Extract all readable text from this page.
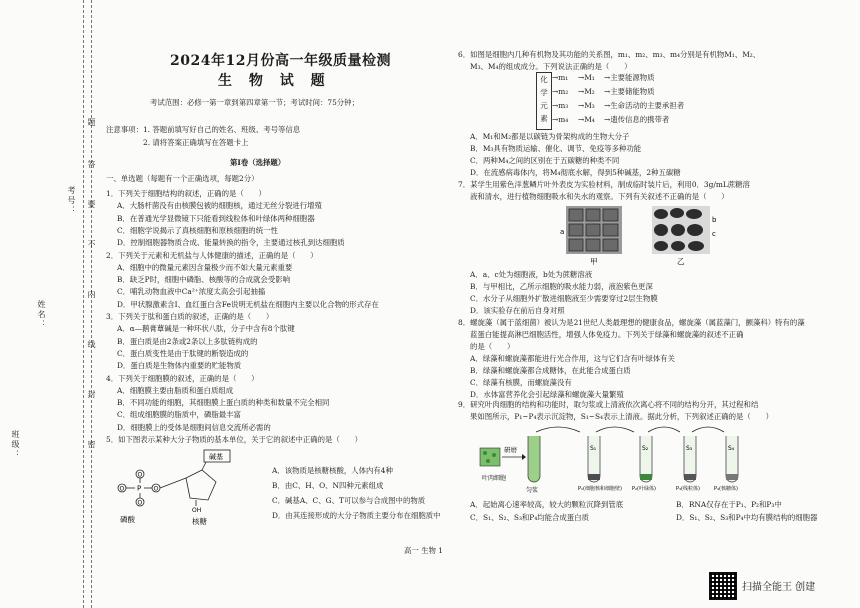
考号：
姓名：
班级：
题
答
要
不
内
线
封
密
2024年12月份高一年级质量检测
生 物 试 题
考试范围：必修一第一章到第四章第一节；考试时间：75分钟；
注意事项：1. 答题前填写好自己的姓名、班级、考号等信息
2. 请将答案正确填写在答题卡上
第Ⅰ卷（选择题）
一、单选题（每题有一个正确选项，每题2分）
1．下列关于细胞结构的叙述，正确的是（　　）
A．大肠杆菌没有由核膜包被的细胞核，通过无丝分裂进行增殖
B．在普通光学显微镜下只能看到线粒体和叶绿体两种细胞器
C．细胞学说揭示了真核细胞和原核细胞的统一性
D．控制细胞器物质合成、能量转换的指令，主要通过核孔到达细胞质
2．下列关于元素和无机盐与人体健康的描述，正确的是（　　）
A．细胞中的微量元素因含量极少而不如大量元素重要
B．缺乏P时，细胞中磷脂、核酸等的合成就会受影响
C．哺乳动物血液中Ca²⁺浓度太高会引起抽搐
D．甲状腺激素含I、血红蛋白含Fe说明无机盐在细胞内主要以化合物的形式存在
3．下列关于肽和蛋白质的叙述，正确的是（　　）
A．α—鹅膏蕈碱是一种环状八肽，分子中含有8个肽键
B．蛋白质是由2条或2条以上多肽链构成的
C．蛋白质变性是由于肽键的断裂造成的
D．蛋白质是生物体内重要的贮能物质
4．下列关于细胞膜的叙述，正确的是（　　）
A．细胞膜主要由脂质和蛋白质组成
B．不同功能的细胞，其细胞膜上蛋白质的种类和数量不完全相同
C．组成细胞膜的脂质中，磷脂最丰富
D．细胞膜上的受体是细胞间信息交流所必需的
5．如下图表示某种大分子物质的基本单位，关于它的叙述中正确的是（　　）
O
O
O P O
磷酸
碱基
OH
核糖
A．该物质是核糖核酸，人体内有4种
B．由C、H、O、N四种元素组成
C．碱基A、C、G、T可以参与合成图中的物质
D．由其连接形成的大分子物质主要分布在细胞质中
6．如图是细胞内几种有机物及其功能的关系图，m₁、m₂、m₃、m₄分别是有机物M₁、M₂、
M₃、M₄的组成成分。下列说法正确的是（　　）
化学元素
→m₁ →M₁ →主要能源物质
→m₂ →M₂ →主要储能物质
→m₃ →M₃ →生命活动的主要承担者
→m₄ →M₄ →遗传信息的携带者
A．M₁和M₂都是以碳链为骨架构成的生物大分子
B．M₃具有物质运输、催化、调节、免疫等多种功能
C．两种M₄之间的区别在于五碳糖的种类不同
D．在流感病毒体内，将M₄彻底水解，得到5种碱基，2种五碳糖
7．某学生用紫色洋葱鳞片叶外表皮为实验材料，制成临时装片后，利用0．3g/mL蔗糖溶
液和清水，进行植物细胞吸水和失水的观察。下列有关叙述不正确的是（　　）
a
b
c
甲	乙
A．a、c处为细胞液，b处为蔗糖溶液
B．与甲相比，乙所示细胞的吸水能力弱，液泡紫色更深
C．水分子从细胞外扩散进细胞液至少需要穿过2层生物膜
D．该实验存在前后自身对照
8．螺旋藻（属于蓝细菌）被认为是21世纪人类最理想的健康食品，螺旋藻（属蓝藻门，颤藻科）特有的藻
蓝蛋白能提高淋巴细胞活性，增强人体免疫力。下列关于绿藻和螺旋藻的叙述不正确
的是（　　）
A．绿藻和螺旋藻都能进行光合作用，这与它们含有叶绿体有关
B．绿藻和螺旋藻都合成糖体，在此能合成蛋白质
C．绿藻有核膜，而螺旋藻没有
D．水体富营养化会引起绿藻和螺旋藻大量繁殖
9．研究叶肉细胞的结构和功能时，取匀浆或上清液依次离心将不同的结构分开，其过程和结
果如图所示，P₁~P₄表示沉淀物，S₁~S₄表示上清液。据此分析，下列叙述正确的是（　　）
叶肉细胞
研磨
匀浆
S₁
P₁(细胞核和细胞壁)
S₂
P₂(叶绿体)
S₃
P₃(线粒体)
S₄
P₄(核糖体)
A．起始离心速率较高，较大的颗粒沉降到管底	B．RNA仅存在于P₁、P₂和P₃中
C．S₁、S₂、S₃和P₄均能合成蛋白质	D．S₁、S₂、S₃和P₄中均有膜结构的细胞器
高一 生物 1
扫描全能王 创建
